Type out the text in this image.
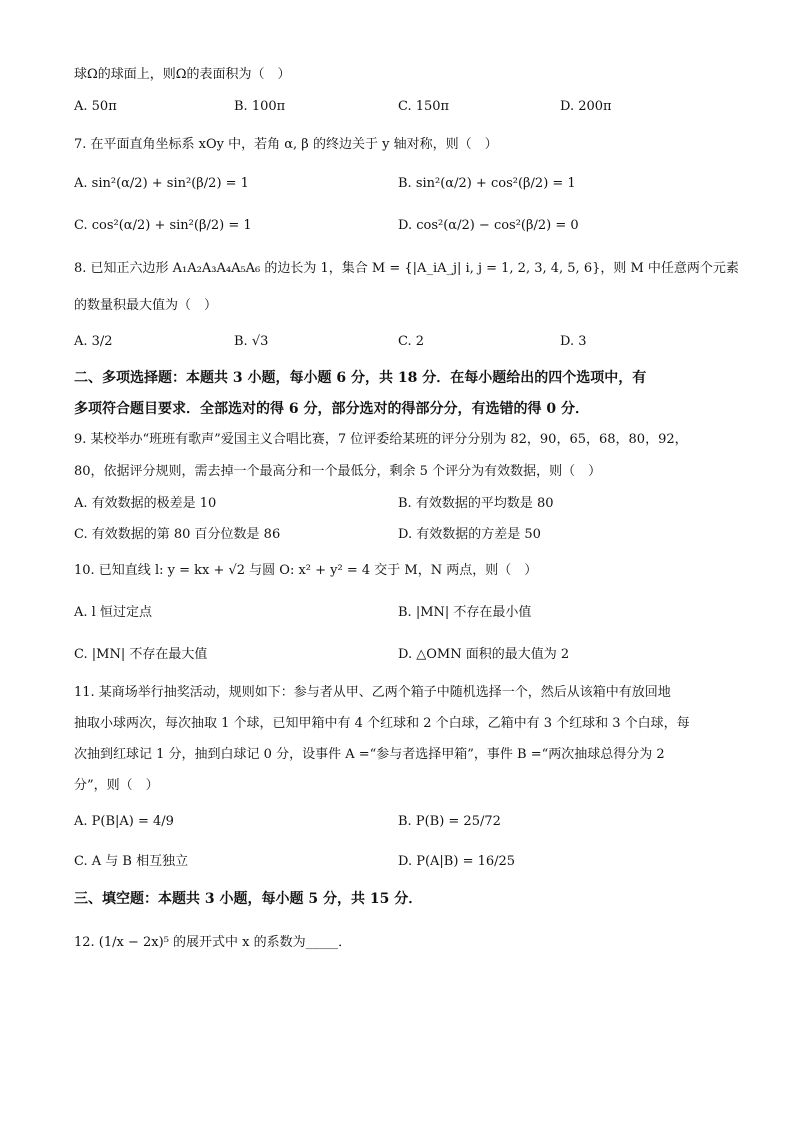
球Ω的球面上，则Ω的表面积为（　）
A. 50π	B. 100π	C. 150π	D. 200π
7. 在平面直角坐标系 xOy 中，若角 α, β 的终边关于 y 轴对称，则（　）
A. sin²(α/2) + sin²(β/2) = 1	B. sin²(α/2) + cos²(β/2) = 1
C. cos²(α/2) + sin²(β/2) = 1	D. cos²(α/2) − cos²(β/2) = 0
8. 已知正六边形 A₁A₂A₃A₄A₅A₆ 的边长为 1，集合 M = {|A_iA_j| i, j = 1, 2, 3, 4, 5, 6}，则 M 中任意两个元素
的数量积最大值为（　）
A. 3/2	B. √3	C. 2	D. 3
二、多项选择题：本题共 3 小题，每小题 6 分，共 18 分．在每小题给出的四个选项中，有
多项符合题目要求．全部选对的得 6 分，部分选对的得部分分，有选错的得 0 分．
9. 某校举办“班班有歌声”爱国主义合唱比赛，7 位评委给某班的评分分别为 82，90，65，68，80，92，
80，依据评分规则，需去掉一个最高分和一个最低分，剩余 5 个评分为有效数据，则（　）
A. 有效数据的极差是 10	B. 有效数据的平均数是 80
C. 有效数据的第 80 百分位数是 86	D. 有效数据的方差是 50
10. 已知直线 l: y = kx + √2 与圆 O: x² + y² = 4 交于 M，N 两点，则（　）
A. l 恒过定点	B. |MN| 不存在最小值
C. |MN| 不存在最大值	D. △OMN 面积的最大值为 2
11. 某商场举行抽奖活动，规则如下：参与者从甲、乙两个箱子中随机选择一个，然后从该箱中有放回地
抽取小球两次，每次抽取 1 个球，已知甲箱中有 4 个红球和 2 个白球，乙箱中有 3 个红球和 3 个白球，每
次抽到红球记 1 分，抽到白球记 0 分，设事件 A =“参与者选择甲箱”，事件 B =“两次抽球总得分为 2
分”，则（　）
A. P(B|A) = 4/9	B. P(B) = 25/72
C. A 与 B 相互独立	D. P(A|B) = 16/25
三、填空题：本题共 3 小题，每小题 5 分，共 15 分．
12. (1/x − 2x)⁵ 的展开式中 x 的系数为_____．
